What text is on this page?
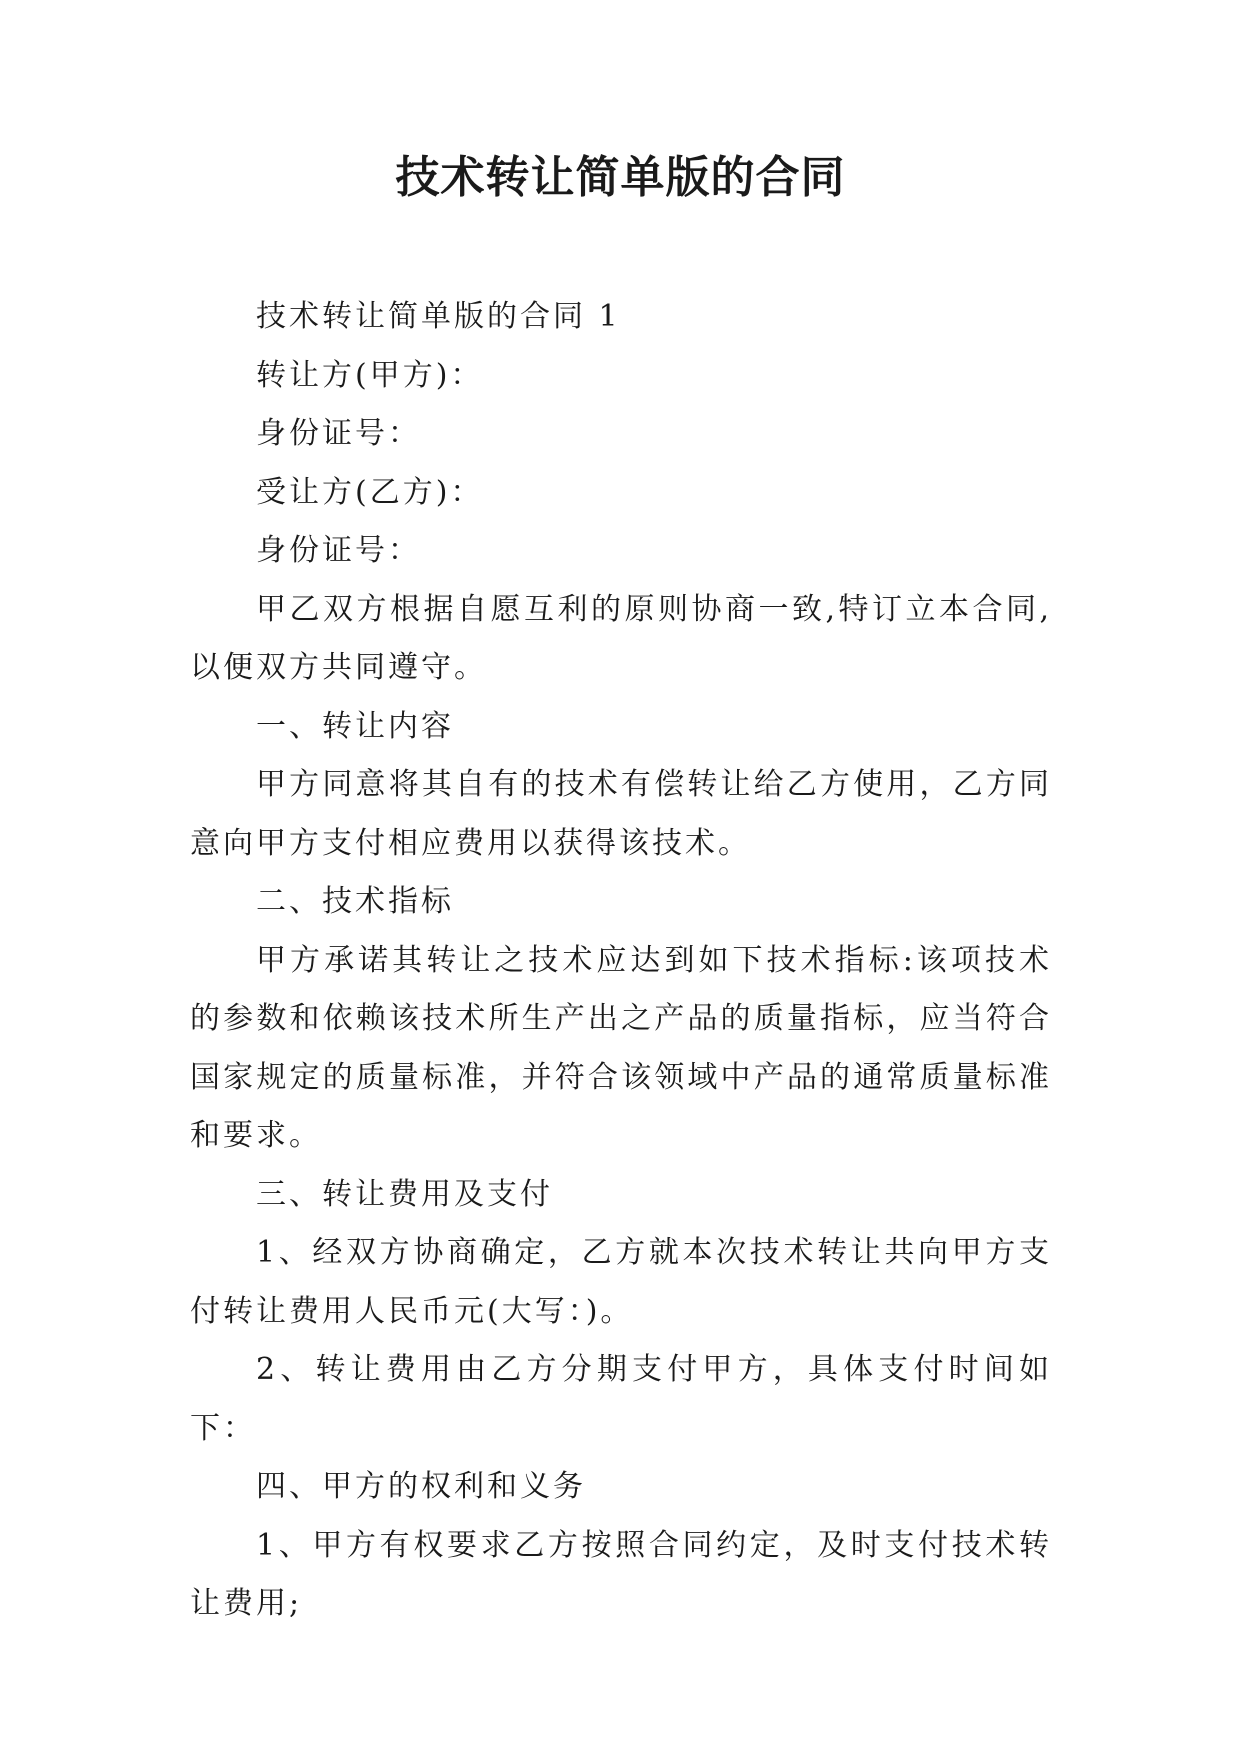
技术转让简单版的合同

技术转让简单版的合同 1

转让方(甲方)：

身份证号：

受让方(乙方)：

身份证号：

甲乙双方根据自愿互利的原则协商一致,特订立本合同,以便双方共同遵守。

一、转让内容

甲方同意将其自有的技术有偿转让给乙方使用，乙方同意向甲方支付相应费用以获得该技术。

二、技术指标

甲方承诺其转让之技术应达到如下技术指标:该项技术的参数和依赖该技术所生产出之产品的质量指标，应当符合国家规定的质量标准，并符合该领域中产品的通常质量标准和要求。

三、转让费用及支付

1、经双方协商确定，乙方就本次技术转让共向甲方支付转让费用人民币元(大写：)。

2、转让费用由乙方分期支付甲方，具体支付时间如下：

四、甲方的权利和义务

1、甲方有权要求乙方按照合同约定，及时支付技术转让费用;
